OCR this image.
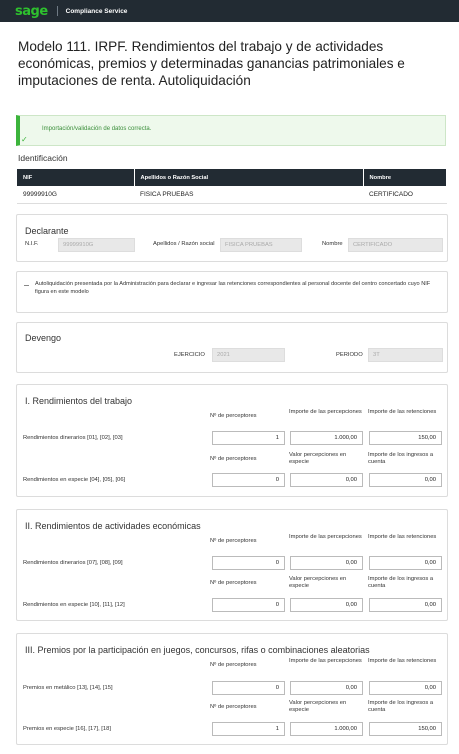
sage	Compliance Service
Modelo 111. IRPF. Rendimientos del trabajo y de actividades económicas, premios y determinadas ganancias patrimoniales e imputaciones de renta. Autoliquidación
Importación/validación de datos correcta.
✓
Identificación
NIF	Apellidos o Razón Social	Nombre
99999910G	FISICA PRUEBAS	CERTIFICADO
Declarante
N.I.F.	99999910G	Apellidos / Razón social	FISICA PRUEBAS	Nombre	CERTIFICADO
Autoliquidación presentada por la Administración para declarar e ingresar las retenciones correspondientes al personal docente del centro concertado cuyo NIF figura en este modelo
Devengo
EJERCICIO	2021	PERIODO	3T
I. Rendimientos del trabajo
Nº de perceptores
Importe de las percepciones	Importe de las retenciones
Rendimientos dinerarios [01], [02], [03]	1	1.000,00	150,00
Nº de perceptores
Valor percepciones en especie
Importe de los ingresos a cuenta
Rendimientos en especie [04], [05], [06]	0	0,00	0,00
II. Rendimientos de actividades económicas
Nº de perceptores
Importe de las percepciones	Importe de las retenciones
Rendimientos dinerarios [07], [08], [09]	0	0,00	0,00
Nº de perceptores
Valor percepciones en especie
Importe de los ingresos a cuenta
Rendimientos en especie [10], [11], [12]	0	0,00	0,00
III. Premios por la participación en juegos, concursos, rifas o combinaciones aleatorias
Nº de perceptores
Importe de las percepciones	Importe de las retenciones
Premios en metálico [13], [14], [15]	0	0,00	0,00
Nº de perceptores
Valor percepciones en especie
Importe de los ingresos a cuenta
Premios en especie [16], [17], [18]	1	1.000,00	150,00
